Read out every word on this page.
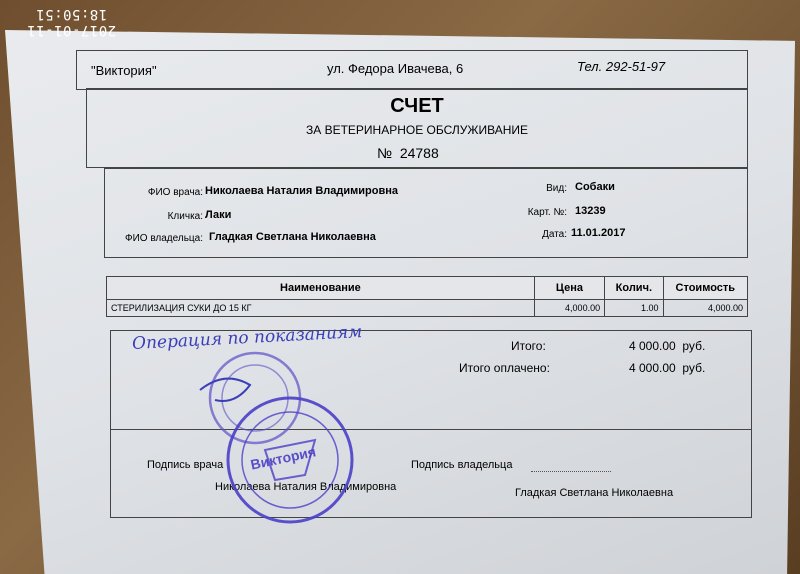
2017-01-11 18:50:51
"Виктория"	ул. Федора Ивачева, 6	Тел. 292-51-97
СЧЕТ
ЗА ВЕТЕРИНАРНОЕ ОБСЛУЖИВАНИЕ
№ 24788
ФИО врача: Николаева Наталия Владимировна
Кличка: Лаки
ФИО владельца: Гладкая Светлана Николаевна
Вид: Собаки
Карт. №: 13239
Дата: 11.01.2017
Наименование	Цена	Колич.	Стоимость
СТЕРИЛИЗАЦИЯ СУКИ ДО 15 КГ	4,000.00	1.00	4,000.00
Итого:	4 000.00 руб.
Итого оплачено:	4 000.00 руб.
Подпись врача	Подпись владельца
Николаева Наталия Владимировна	Гладкая Светлана Николаевна
Операция по показаниям
Виктория
